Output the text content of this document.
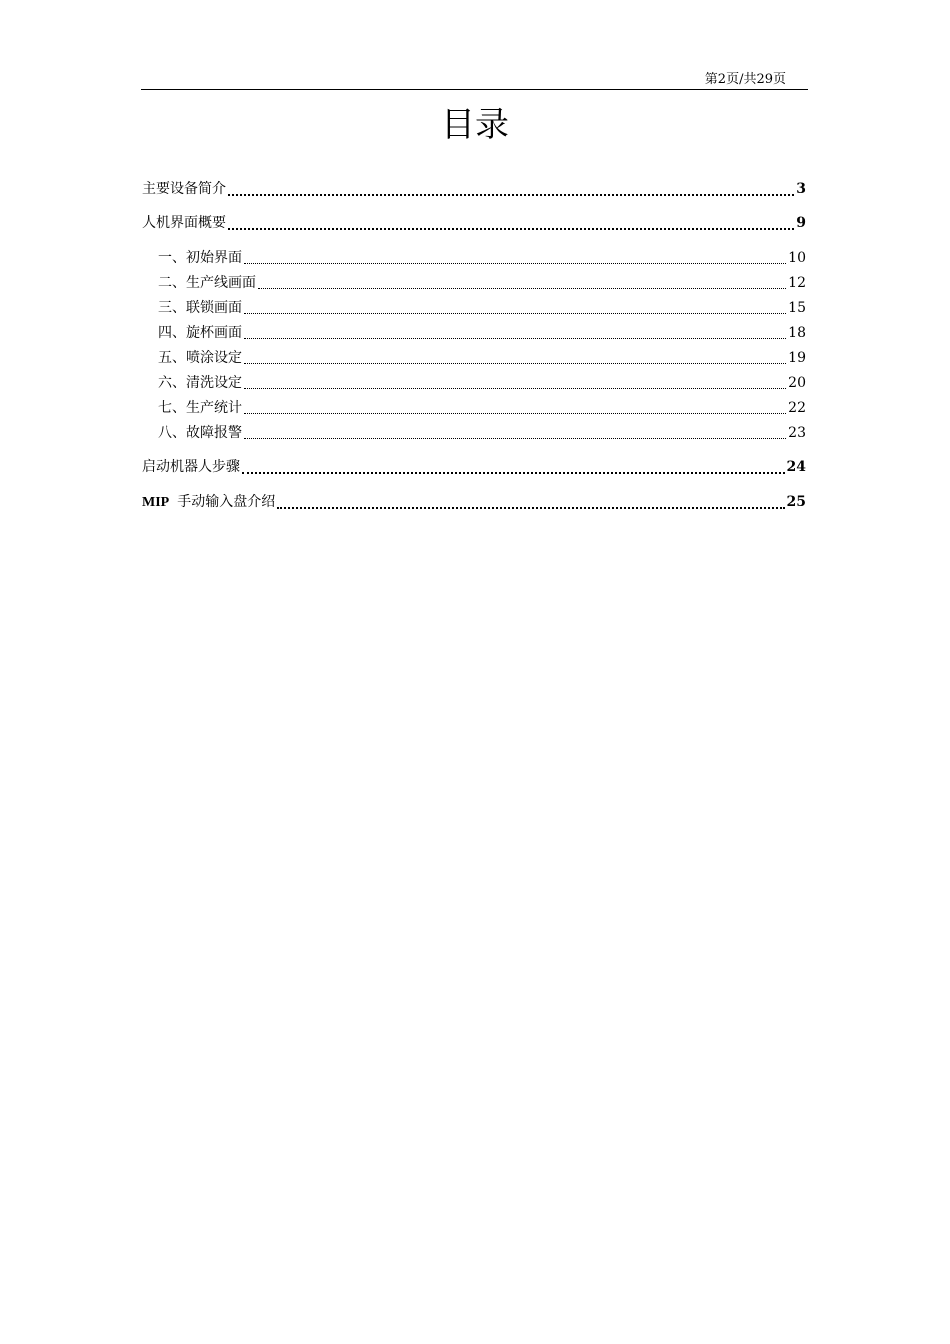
第2页/共29页
目录
主要设备简介	3
人机界面概要	9
一、初始界面	10
二、生产线画面	12
三、联锁画面	15
四、旋杯画面	18
五、喷涂设定	19
六、清洗设定	20
七、生产统计	22
八、故障报警	23
启动机器人步骤	24
MIP 手动输入盘介绍	25
